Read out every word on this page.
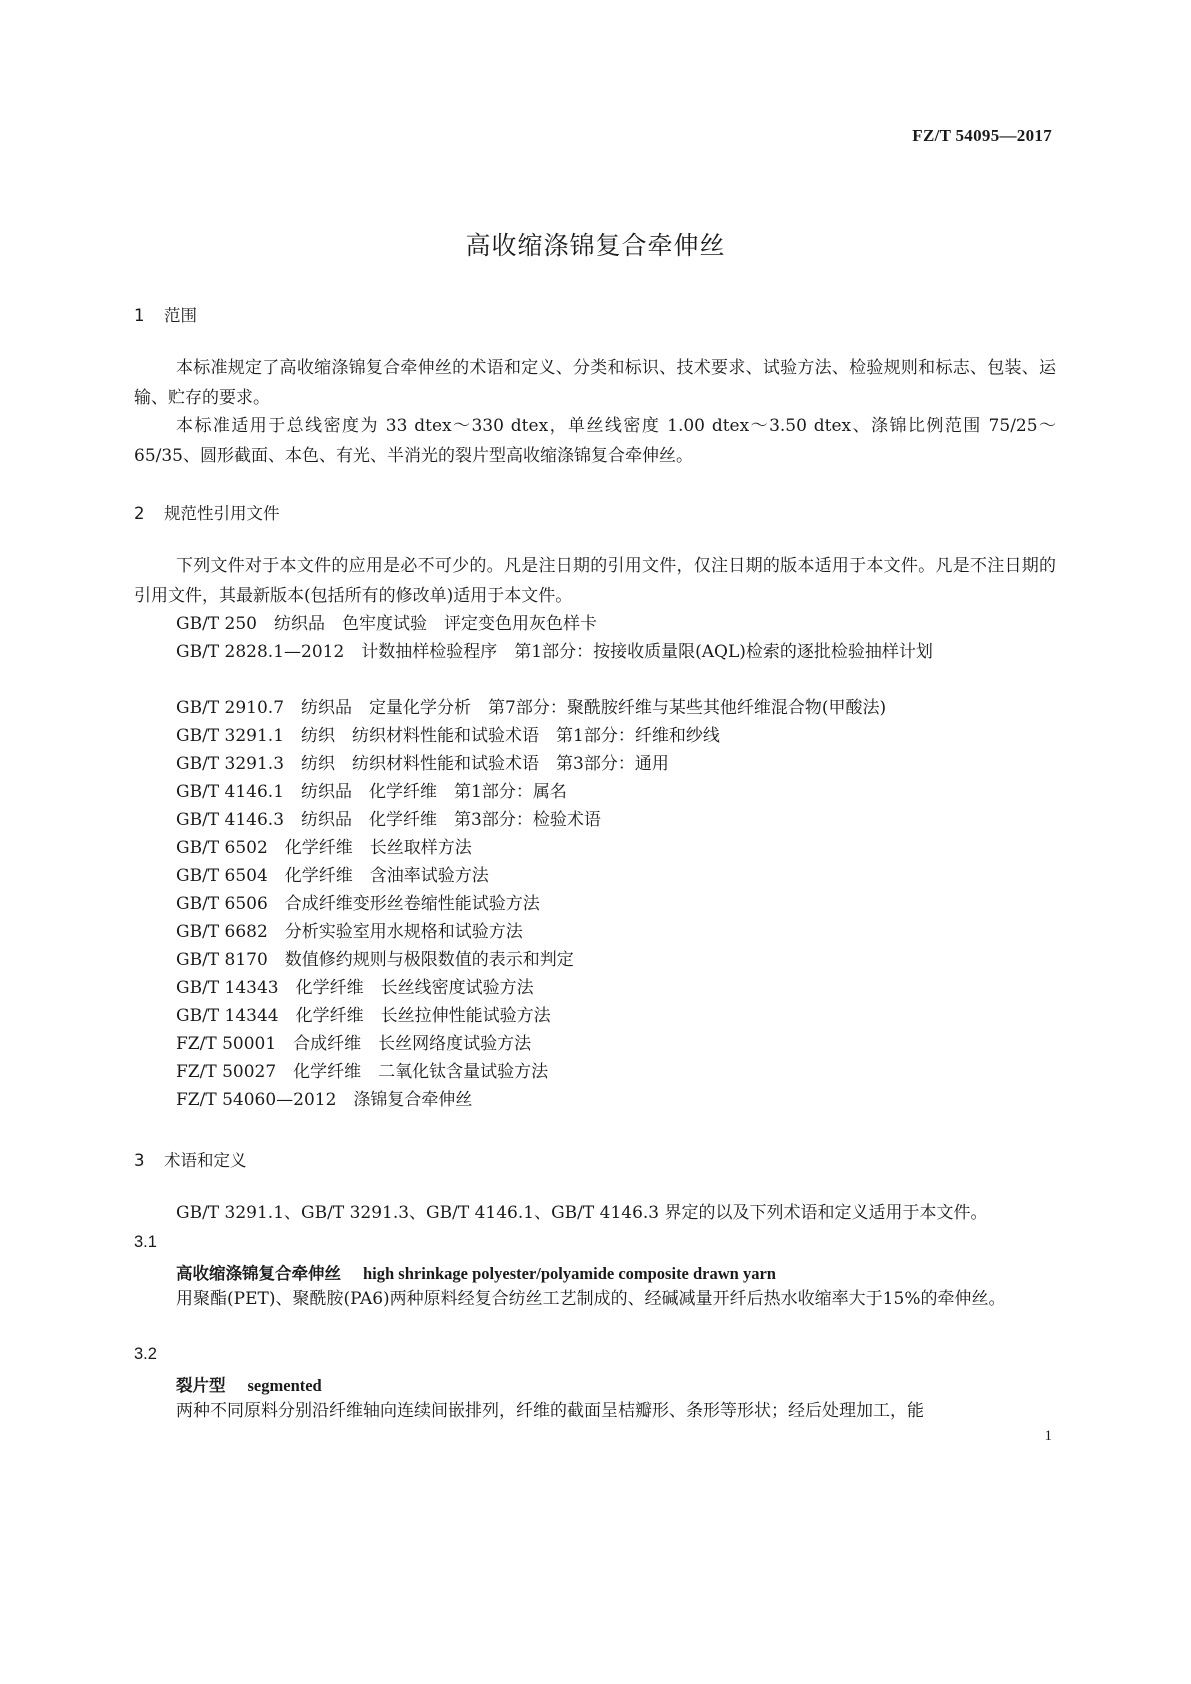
FZ/T 54095—2017
高收缩涤锦复合牵伸丝
1 范围
本标准规定了高收缩涤锦复合牵伸丝的术语和定义、分类和标识、技术要求、试验方法、检验规则和标志、包装、运输、贮存的要求。
本标准适用于总线密度为 33 dtex～330 dtex，单丝线密度 1.00 dtex～3.50 dtex、涤锦比例范围 75/25～65/35、圆形截面、本色、有光、半消光的裂片型高收缩涤锦复合牵伸丝。
2 规范性引用文件
下列文件对于本文件的应用是必不可少的。凡是注日期的引用文件，仅注日期的版本适用于本文件。凡是不注日期的引用文件，其最新版本(包括所有的修改单)适用于本文件。
GB/T 250　纺织品　色牢度试验　评定变色用灰色样卡
GB/T 2828.1—2012　计数抽样检验程序　第1部分：按接收质量限(AQL)检索的逐批检验抽样计划
GB/T 2910.7　纺织品　定量化学分析　第7部分：聚酰胺纤维与某些其他纤维混合物(甲酸法)
GB/T 3291.1　纺织　纺织材料性能和试验术语　第1部分：纤维和纱线
GB/T 3291.3　纺织　纺织材料性能和试验术语　第3部分：通用
GB/T 4146.1　纺织品　化学纤维　第1部分：属名
GB/T 4146.3　纺织品　化学纤维　第3部分：检验术语
GB/T 6502　化学纤维　长丝取样方法
GB/T 6504　化学纤维　含油率试验方法
GB/T 6506　合成纤维变形丝卷缩性能试验方法
GB/T 6682　分析实验室用水规格和试验方法
GB/T 8170　数值修约规则与极限数值的表示和判定
GB/T 14343　化学纤维　长丝线密度试验方法
GB/T 14344　化学纤维　长丝拉伸性能试验方法
FZ/T 50001　合成纤维　长丝网络度试验方法
FZ/T 50027　化学纤维　二氧化钛含量试验方法
FZ/T 54060—2012　涤锦复合牵伸丝
3 术语和定义
GB/T 3291.1、GB/T 3291.3、GB/T 4146.1、GB/T 4146.3 界定的以及下列术语和定义适用于本文件。
3.1
高收缩涤锦复合牵伸丝 high shrinkage polyester/polyamide composite drawn yarn
用聚酯(PET)、聚酰胺(PA6)两种原料经复合纺丝工艺制成的、经碱减量开纤后热水收缩率大于15%的牵伸丝。
3.2
裂片型 segmented
两种不同原料分别沿纤维轴向连续间嵌排列，纤维的截面呈桔瓣形、条形等形状；经后处理加工，能
1
